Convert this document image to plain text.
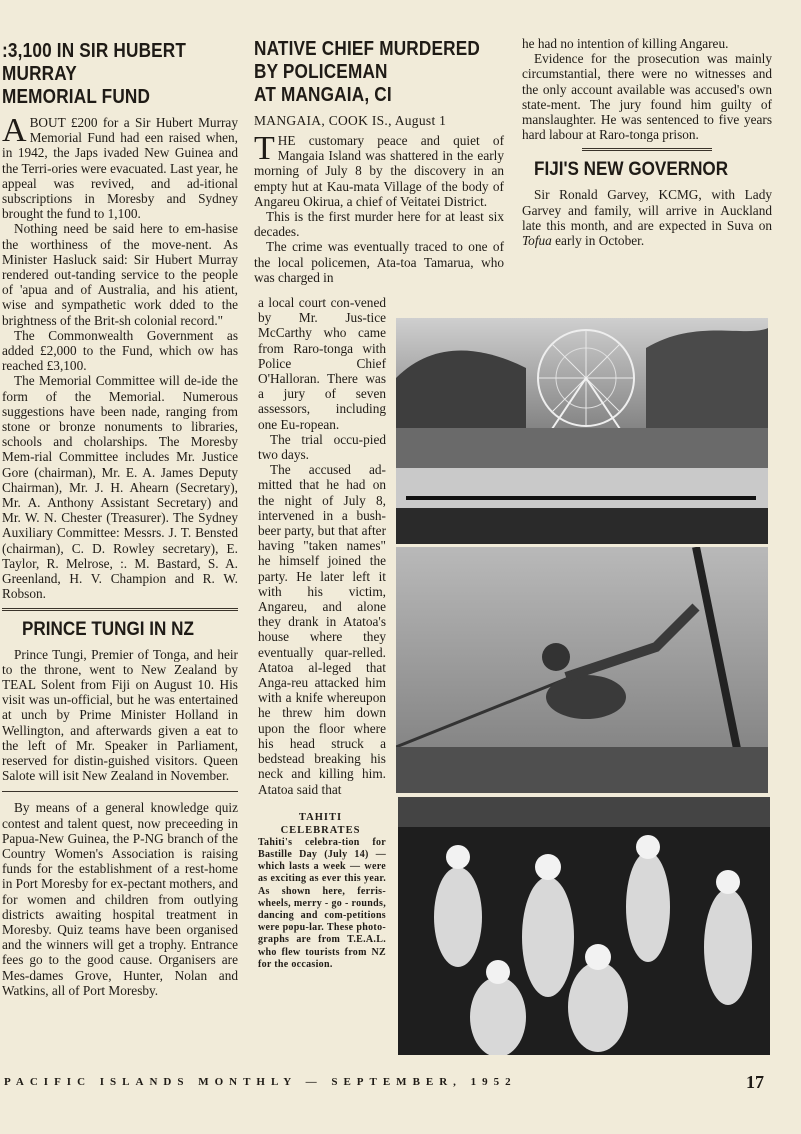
:3,100 IN SIR HUBERT
MURRAY
MEMORIAL FUND

ABOUT £200 for a Sir Hubert Murray Memorial Fund had een raised when, in 1942, the Japs ivaded New Guinea and the Terri-ories were evacuated. Last year, he appeal was revived, and ad-itional subscriptions in Moresby and Sydney brought the fund to 1,100.

Nothing need be said here to em-hasise the worthiness of the move-nent. As Minister Hasluck said: Sir Hubert Murray rendered out-tanding service to the people of 'apua and of Australia, and his atient, wise and sympathetic work dded to the brightness of the Brit-sh colonial record."

The Commonwealth Government as added £2,000 to the Fund, which ow has reached £3,100.

The Memorial Committee will de-ide the form of the Memorial. Numerous suggestions have been nade, ranging from stone or bronze nonuments to libraries, schools and cholarships. The Moresby Mem-rial Committee includes Mr. Justice Gore (chairman), Mr. E. A. James Deputy Chairman), Mr. J. H. Ahearn (Secretary), Mr. A. Anthony Assistant Secretary) and Mr. W. N. Chester (Treasurer). The Sydney Auxiliary Committee: Messrs. J. T. Bensted (chairman), C. D. Rowley secretary), E. Taylor, R. Melrose, :. M. Bastard, S. A. Greenland, H. V. Champion and R. W. Robson.

PRINCE TUNGI IN NZ

Prince Tungi, Premier of Tonga, and heir to the throne, went to New Zealand by TEAL Solent from Fiji on August 10. His visit was un-official, but he was entertained at unch by Prime Minister Holland in Wellington, and afterwards given a eat to the left of Mr. Speaker in Parliament, reserved for distin-guished visitors. Queen Salote will isit New Zealand in November.

By means of a general knowledge quiz contest and talent quest, now preceeding in Papua-New Guinea, the P-NG branch of the Country Women's Association is raising funds for the establishment of a rest-home in Port Moresby for ex-pectant mothers, and for women and children from outlying districts awaiting hospital treatment in Moresby. Quiz teams have been organised and the winners will get a trophy. Entrance fees go to the good cause. Organisers are Mes-dames Grove, Hunter, Nolan and Watkins, all of Port Moresby.

NATIVE CHIEF MURDERED
BY POLICEMAN
AT MANGAIA, CI
MANGAIA, COOK IS., August 1

THE customary peace and quiet of Mangaia Island was shattered in the early morning of July 8 by the discovery in an empty hut at Kau-mata Village of the body of Angareu Okirua, a chief of Veitatei District.

This is the first murder here for at least six decades.

The crime was eventually traced to one of the local policemen, Ata-toa Tamarua, who was charged in

a local court con-vened by Mr. Jus-tice McCarthy who came from Raro-tonga with Police Chief O'Halloran. There was a jury of seven assessors, including one Eu-ropean.

The trial occu-pied two days.

The accused ad-mitted that he had on the night of July 8, intervened in a bush-beer party, but that after having "taken names" he himself joined the party. He later left it with his victim, Angareu, and alone they drank in Atatoa's house where they eventually quar-relled. Atatoa al-leged that Anga-reu attacked him with a knife whereupon he threw him down upon the floor where his head struck a bedstead breaking his neck and killing him. Atatoa said that

TAHITI CELEBRATES

Tahiti's celebra-tion for Bastille Day (July 14) — which lasts a week — were as exciting as ever this year. As shown here, ferris-wheels, merry - go - rounds, dancing and com-petitions were popu-lar. These photo-graphs are from T.E.A.L. who flew tourists from NZ for the occasion.

he had no intention of killing Angareu.

Evidence for the prosecution was mainly circumstantial, there were no witnesses and the only account available was accused's own state-ment. The jury found him guilty of manslaughter. He was sentenced to five years hard labour at Raro-tonga prison.

FIJI'S NEW GOVERNOR

Sir Ronald Garvey, KCMG, with Lady Garvey and family, will arrive in Auckland late this month, and are expected in Suva on Tofua early in October.

PACIFIC ISLANDS MONTHLY — SEPTEMBER, 1952	17
